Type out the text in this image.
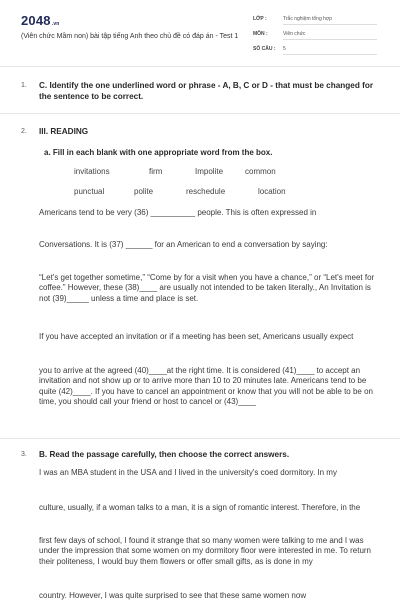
2048.vn
(Viên chức Mầm non) bài tập tiếng Anh theo chủ đề có đáp án - Test 1
LỚP :	Trắc nghiệm tổng hợp
MÔN :	Viên chức
SỐ CÂU : 5
1. C. Identify the one underlined word or phrase - A, B, C or D - that must be changed for the sentence to be correct.
2. III. READING
a. Fill in each blank with one appropriate word from the box.
invitations	firm	Impolite	common
punctual	polite	reschedule	location
Americans tend to be very (36) __________ people. This is often expressed in
Conversations. It is (37) ______ for an American to end a conversation by saying:
“Let's get together sometime,” “Come by for a visit when you have a chance,” or “Let's meet for coffee.” However, these (38)____ are usually not intended to be taken literally., An Invitation is not (39)_____ unless a time and place is set.
If you have accepted an invitation or if a meeting has been set, Americans usually expect
you to arrive at the agreed (40)____at the right time. It is considered (41)____ to accept an invitation and not show up or to arrive more than 10 to 20 minutes late. Americans tend to be quite (42)____. If you have to cancel an appointment or know that you will not be able to be on time, you should call your friend or host to cancel or (43)____
3. B. Read the passage carefully, then choose the correct answers.
I was an MBA student in the USA and I lived in the university's coed dormitory. In my
culture, usually, if a woman talks to a man, it is a sign of romantic interest. Therefore, in the
first few days of school, I found it strange that so many women were talking to me and I was under the impression that some women on my dormitory floor were interested in me. To return their politeness, I would buy them flowers or offer small gifts, as is done in my
country. However, I was quite surprised to see that these same women now
